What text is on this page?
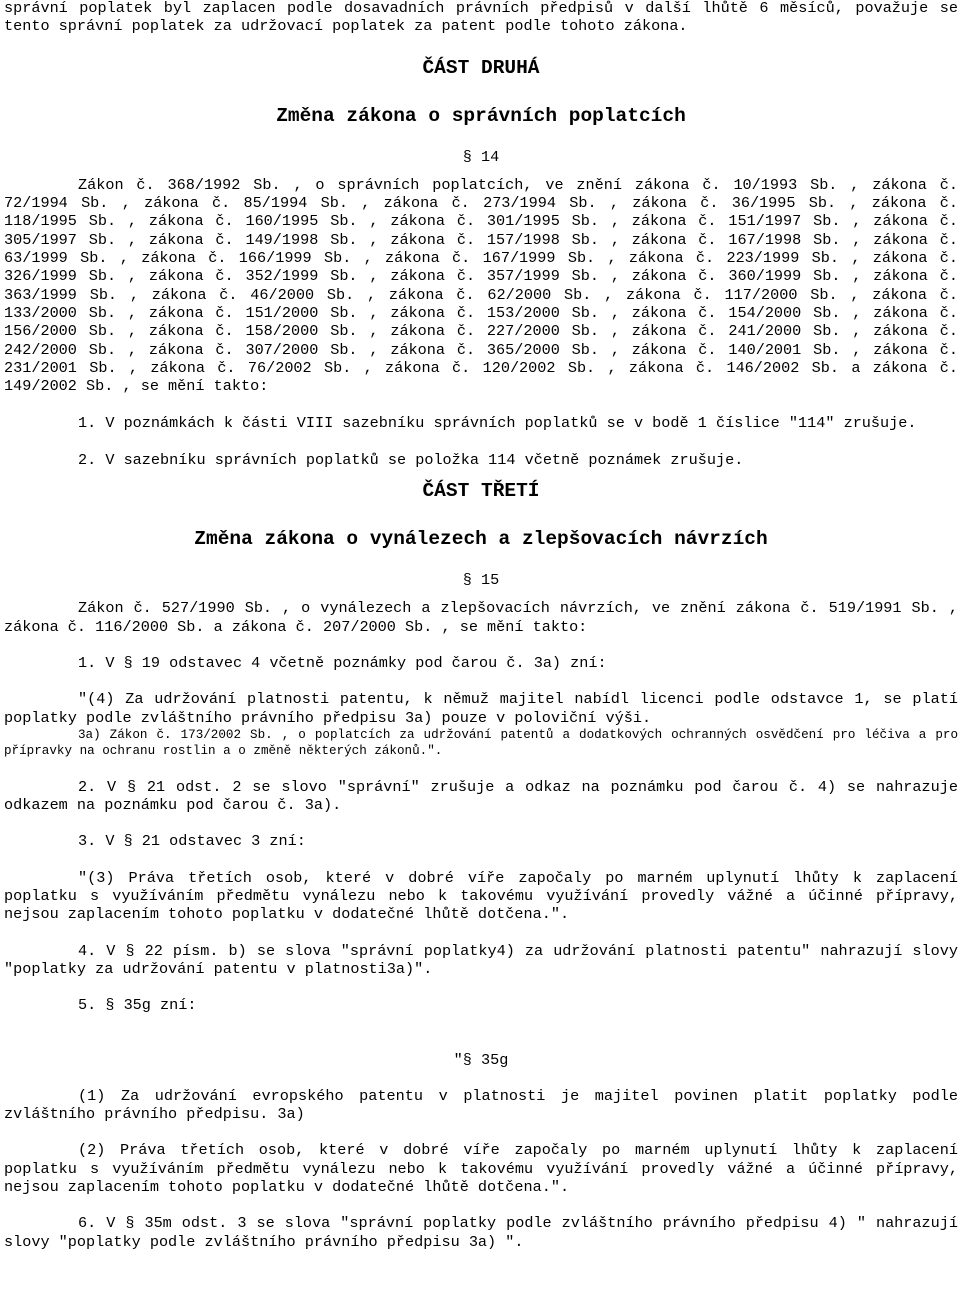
správní poplatek byl zaplacen podle dosavadních právních předpisů v další lhůtě 6 měsíců, považuje se tento správní poplatek za udržovací poplatek za patent podle tohoto zákona.

ČÁST DRUHÁ

Změna zákona o správních poplatcích

§ 14

Zákon č. 368/1992 Sb. , o správních poplatcích, ve znění zákona č. 10/1993 Sb. , zákona č. 72/1994 Sb. , zákona č. 85/1994 Sb. , zákona č. 273/1994 Sb. , zákona č. 36/1995 Sb. , zákona č. 118/1995 Sb. , zákona č. 160/1995 Sb. , zákona č. 301/1995 Sb. , zákona č. 151/1997 Sb. , zákona č. 305/1997 Sb. , zákona č. 149/1998 Sb. , zákona č. 157/1998 Sb. , zákona č. 167/1998 Sb. , zákona č. 63/1999 Sb. , zákona č. 166/1999 Sb. , zákona č. 167/1999 Sb. , zákona č. 223/1999 Sb. , zákona č. 326/1999 Sb. , zákona č. 352/1999 Sb. , zákona č. 357/1999 Sb. , zákona č. 360/1999 Sb. , zákona č. 363/1999 Sb. , zákona č. 46/2000 Sb. , zákona č. 62/2000 Sb. , zákona č. 117/2000 Sb. , zákona č. 133/2000 Sb. , zákona č. 151/2000 Sb. , zákona č. 153/2000 Sb. , zákona č. 154/2000 Sb. , zákona č. 156/2000 Sb. , zákona č. 158/2000 Sb. , zákona č. 227/2000 Sb. , zákona č. 241/2000 Sb. , zákona č. 242/2000 Sb. , zákona č. 307/2000 Sb. , zákona č. 365/2000 Sb. , zákona č. 140/2001 Sb. , zákona č. 231/2001 Sb. , zákona č. 76/2002 Sb. , zákona č. 120/2002 Sb. , zákona č. 146/2002 Sb. a zákona č. 149/2002 Sb. , se mění takto:

1. V poznámkách k části VIII sazebníku správních poplatků se v bodě 1 číslice "114" zrušuje.

2. V sazebníku správních poplatků se položka 114 včetně poznámek zrušuje.

ČÁST TŘETÍ

Změna zákona o vynálezech a zlepšovacích návrzích

§ 15

Zákon č. 527/1990 Sb. , o vynálezech a zlepšovacích návrzích, ve znění zákona č. 519/1991 Sb. , zákona č. 116/2000 Sb. a zákona č. 207/2000 Sb. , se mění takto:

1. V § 19 odstavec 4 včetně poznámky pod čarou č. 3a) zní:

"(4) Za udržování platnosti patentu, k němuž majitel nabídl licenci podle odstavce 1, se platí poplatky podle zvláštního právního předpisu 3a) pouze v poloviční výši.

3a) Zákon č. 173/2002 Sb. , o poplatcích za udržování patentů a dodatkových ochranných osvědčení pro léčiva a pro přípravky na ochranu rostlin a o změně některých zákonů.".

2. V § 21 odst. 2 se slovo "správní" zrušuje a odkaz na poznámku pod čarou č. 4) se nahrazuje odkazem na poznámku pod čarou č. 3a).

3. V § 21 odstavec 3 zní:

"(3) Práva třetích osob, které v dobré víře započaly po marném uplynutí lhůty k zaplacení poplatku s využíváním předmětu vynálezu nebo k takovému využívání provedly vážné a účinné přípravy, nejsou zaplacením tohoto poplatku v dodatečné lhůtě dotčena.".

4. V § 22 písm. b) se slova "správní poplatky4) za udržování platnosti patentu" nahrazují slovy "poplatky za udržování patentu v platnosti3a)".

5. § 35g zní:

"§ 35g

(1) Za udržování evropského patentu v platnosti je majitel povinen platit poplatky podle zvláštního právního předpisu. 3a)

(2) Práva třetích osob, které v dobré víře započaly po marném uplynutí lhůty k zaplacení poplatku s využíváním předmětu vynálezu nebo k takovému využívání provedly vážné a účinné přípravy, nejsou zaplacením tohoto poplatku v dodatečné lhůtě dotčena.".

6. V § 35m odst. 3 se slova "správní poplatky podle zvláštního právního předpisu 4) " nahrazují slovy "poplatky podle zvláštního právního předpisu 3a) ".
